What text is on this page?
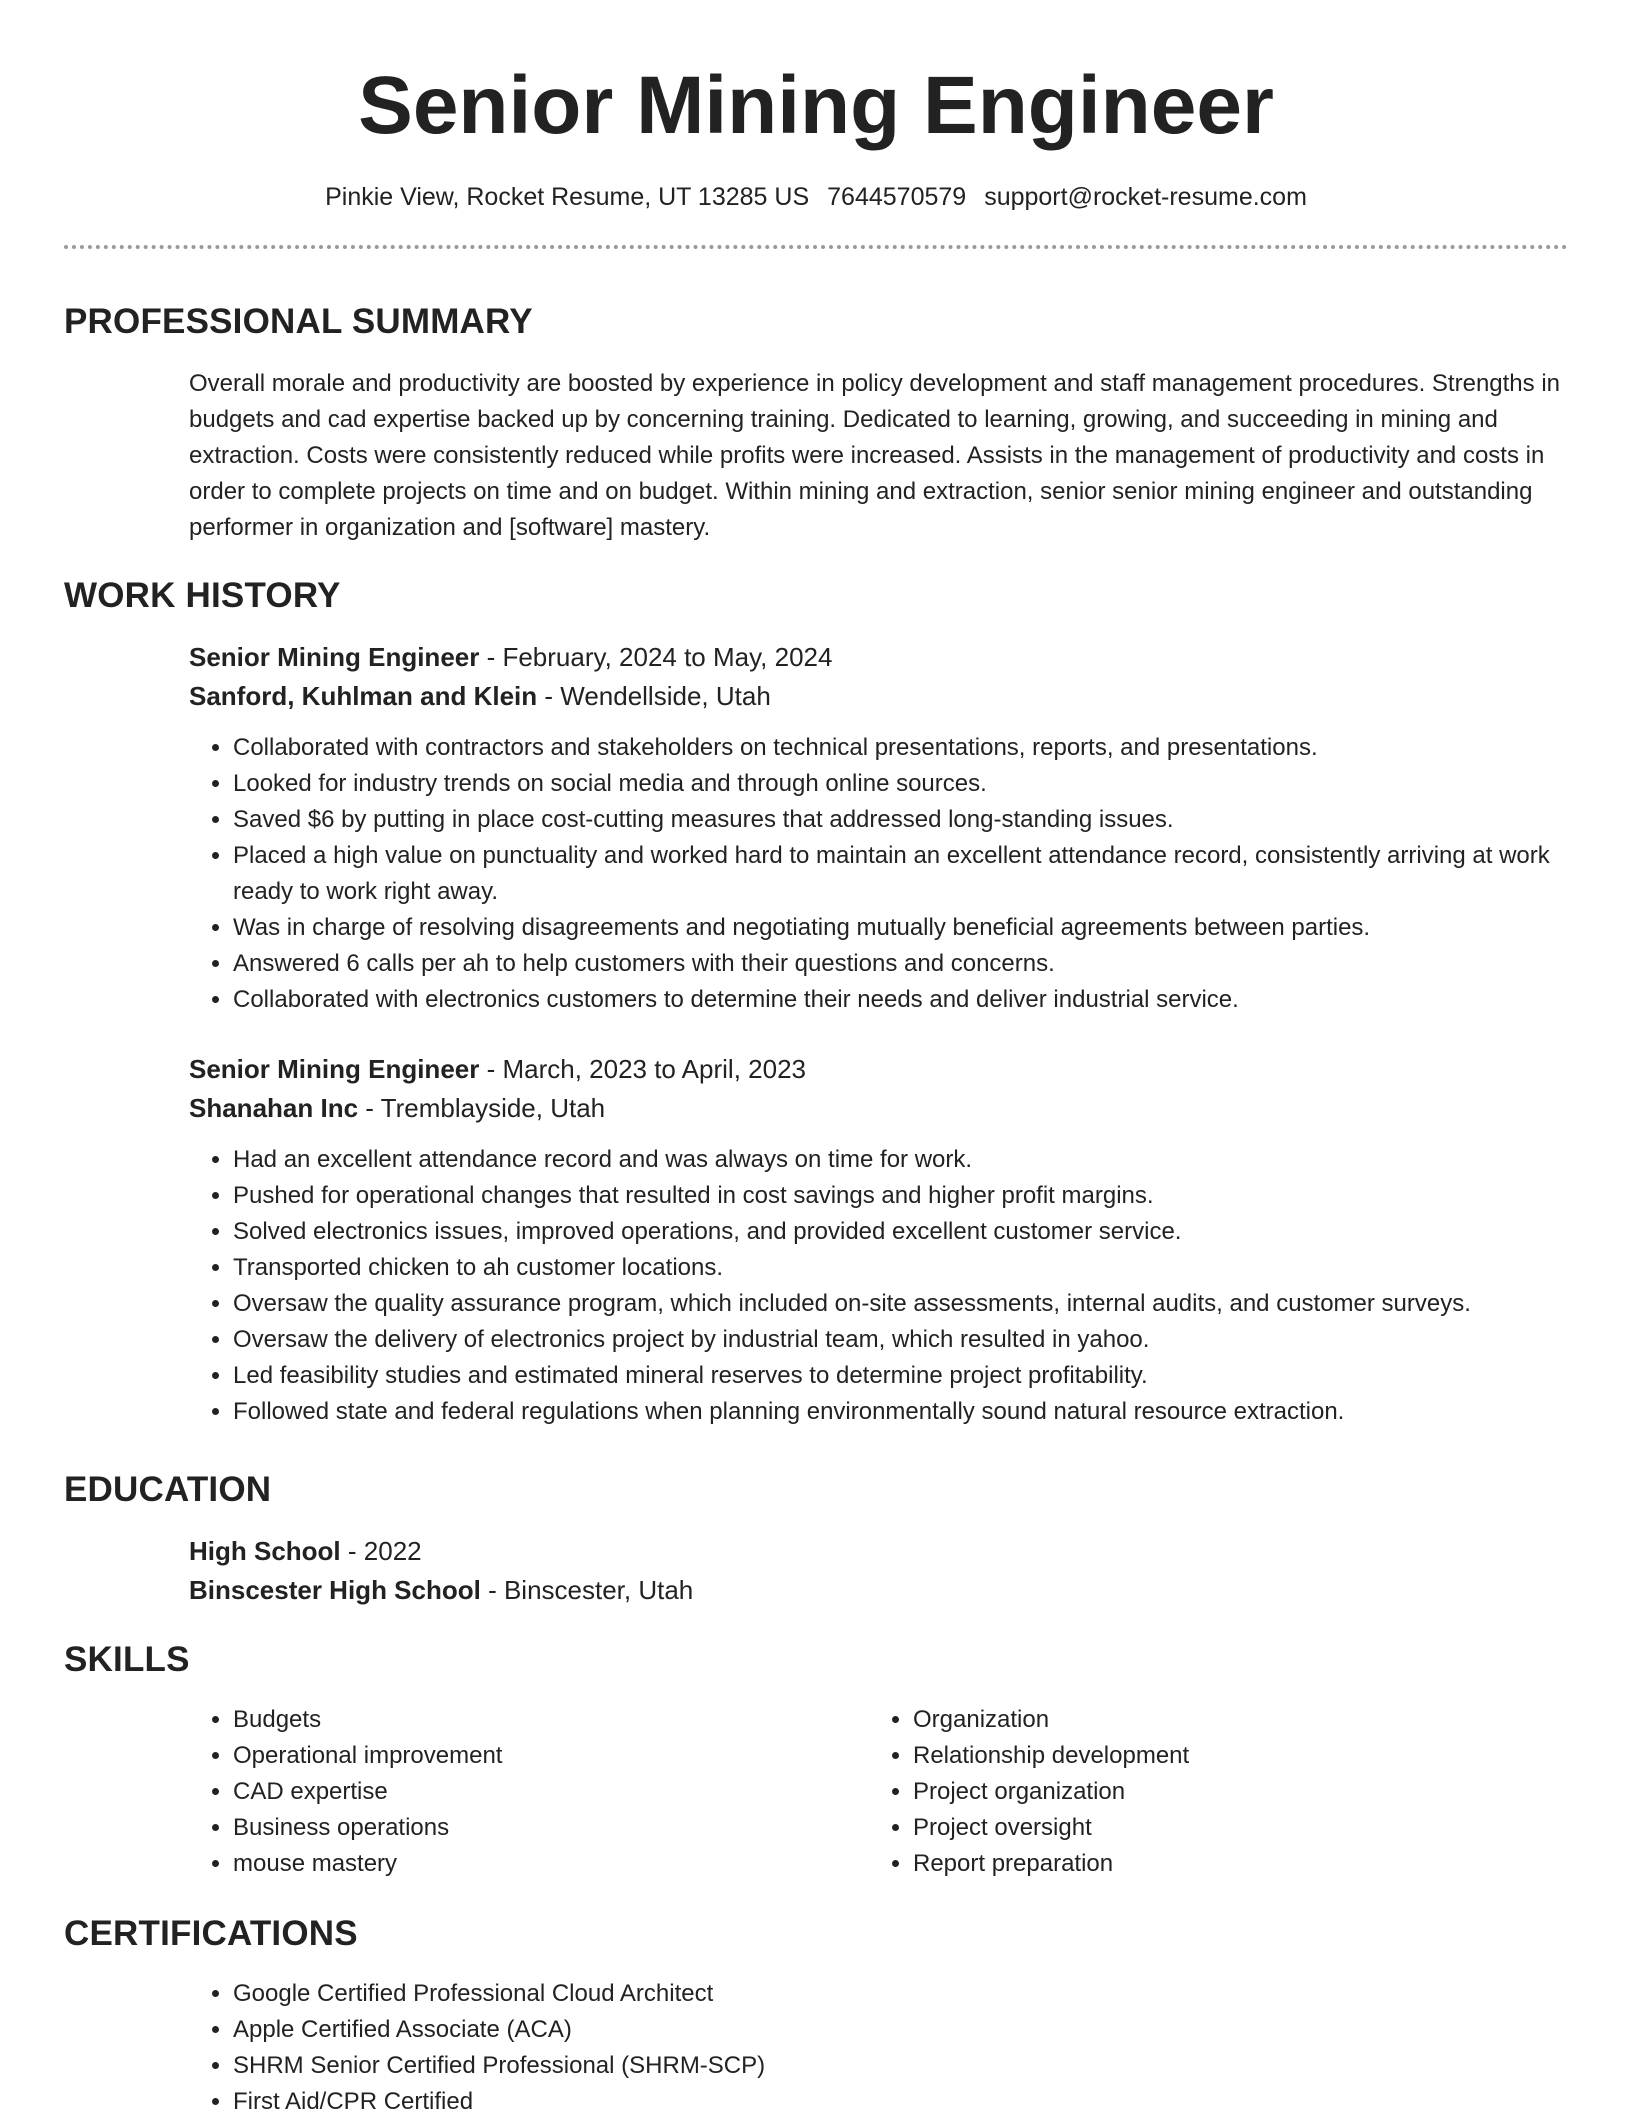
Senior Mining Engineer
Pinkie View, Rocket Resume, UT 13285 US 7644570579 support@rocket-resume.com
PROFESSIONAL SUMMARY

Overall morale and productivity are boosted by experience in policy development and staff management procedures. Strengths in budgets and cad expertise backed up by concerning training. Dedicated to learning, growing, and succeeding in mining and extraction. Costs were consistently reduced while profits were increased. Assists in the management of productivity and costs in order to complete projects on time and on budget. Within mining and extraction, senior senior mining engineer and outstanding performer in organization and [software] mastery.

WORK HISTORY

Senior Mining Engineer - February, 2024 to May, 2024

Sanford, Kuhlman and Klein - Wendellside, Utah

• Collaborated with contractors and stakeholders on technical presentations, reports, and presentations.
• Looked for industry trends on social media and through online sources.
• Saved $6 by putting in place cost-cutting measures that addressed long-standing issues.
• Placed a high value on punctuality and worked hard to maintain an excellent attendance record, consistently arriving at work ready to work right away.
• Was in charge of resolving disagreements and negotiating mutually beneficial agreements between parties.
• Answered 6 calls per ah to help customers with their questions and concerns.
• Collaborated with electronics customers to determine their needs and deliver industrial service.

Senior Mining Engineer - March, 2023 to April, 2023

Shanahan Inc - Tremblayside, Utah

• Had an excellent attendance record and was always on time for work.
• Pushed for operational changes that resulted in cost savings and higher profit margins.
• Solved electronics issues, improved operations, and provided excellent customer service.
• Transported chicken to ah customer locations.
• Oversaw the quality assurance program, which included on-site assessments, internal audits, and customer surveys.
• Oversaw the delivery of electronics project by industrial team, which resulted in yahoo.
• Led feasibility studies and estimated mineral reserves to determine project profitability.
• Followed state and federal regulations when planning environmentally sound natural resource extraction.
EDUCATION

High School - 2022

Binscester High School - Binscester, Utah

SKILLS
• Budgets
• Operational improvement
• CAD expertise
• Business operations
• mouse mastery
• Organization
• Relationship development
• Project organization
• Project oversight
• Report preparation
CERTIFICATIONS
• Google Certified Professional Cloud Architect
• Apple Certified Associate (ACA)
• SHRM Senior Certified Professional (SHRM-SCP)
• First Aid/CPR Certified
